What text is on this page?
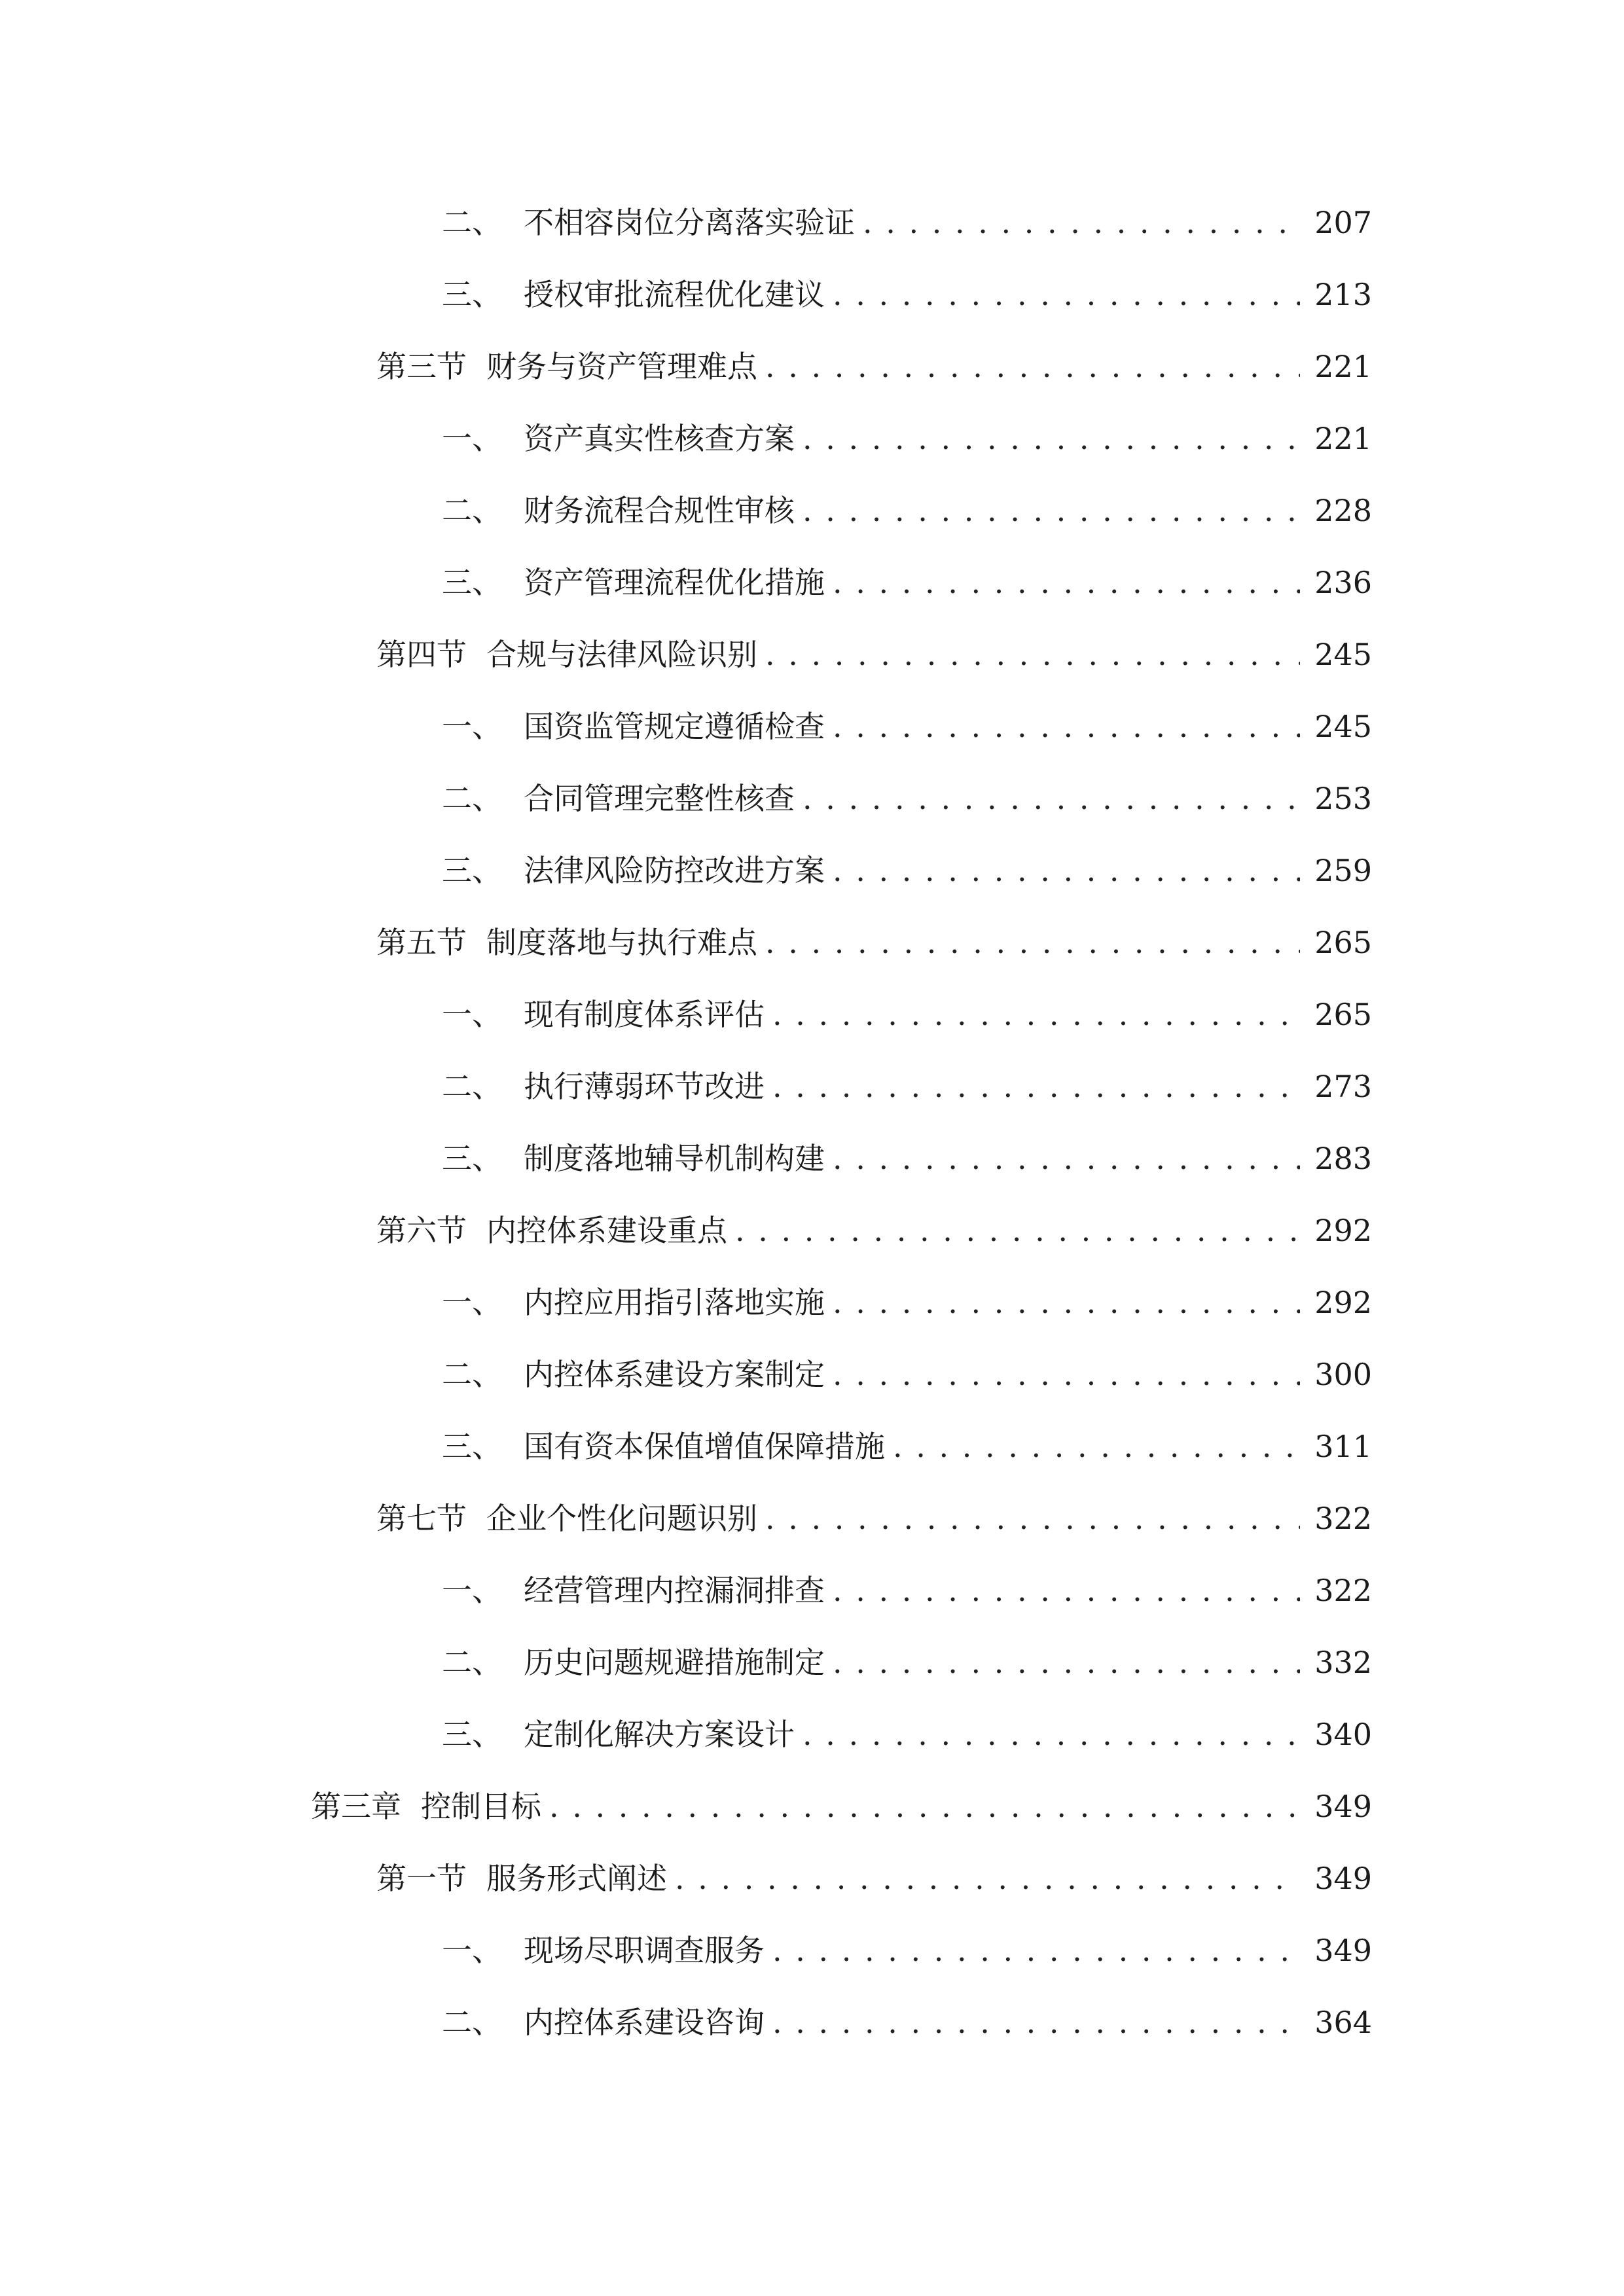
二、 不相容岗位分离落实验证 . . .	207
三、 授权审批流程优化建议 . . .	213
第三节 财务与资产管理难点 . . .	221
一、 资产真实性核查方案 . . .	221
二、 财务流程合规性审核 . . .	228
三、 资产管理流程优化措施 . . .	236
第四节 合规与法律风险识别 . . .	245
一、 国资监管规定遵循检查 . . .	245
二、 合同管理完整性核查 . . .	253
三、 法律风险防控改进方案 . . .	259
第五节 制度落地与执行难点 . . .	265
一、 现有制度体系评估 . . .	265
二、 执行薄弱环节改进 . . .	273
三、 制度落地辅导机制构建 . . .	283
第六节 内控体系建设重点 . . .	292
一、 内控应用指引落地实施 . . .	292
二、 内控体系建设方案制定 . . .	300
三、 国有资本保值增值保障措施 . . .	311
第七节 企业个性化问题识别 . . .	322
一、 经营管理内控漏洞排查 . . .	322
二、 历史问题规避措施制定 . . .	332
三、 定制化解决方案设计 . . .	340
第三章 控制目标 . . .	349
第一节 服务形式阐述 . . .	349
一、 现场尽职调查服务 . . .	349
二、 内控体系建设咨询 . . .	364
